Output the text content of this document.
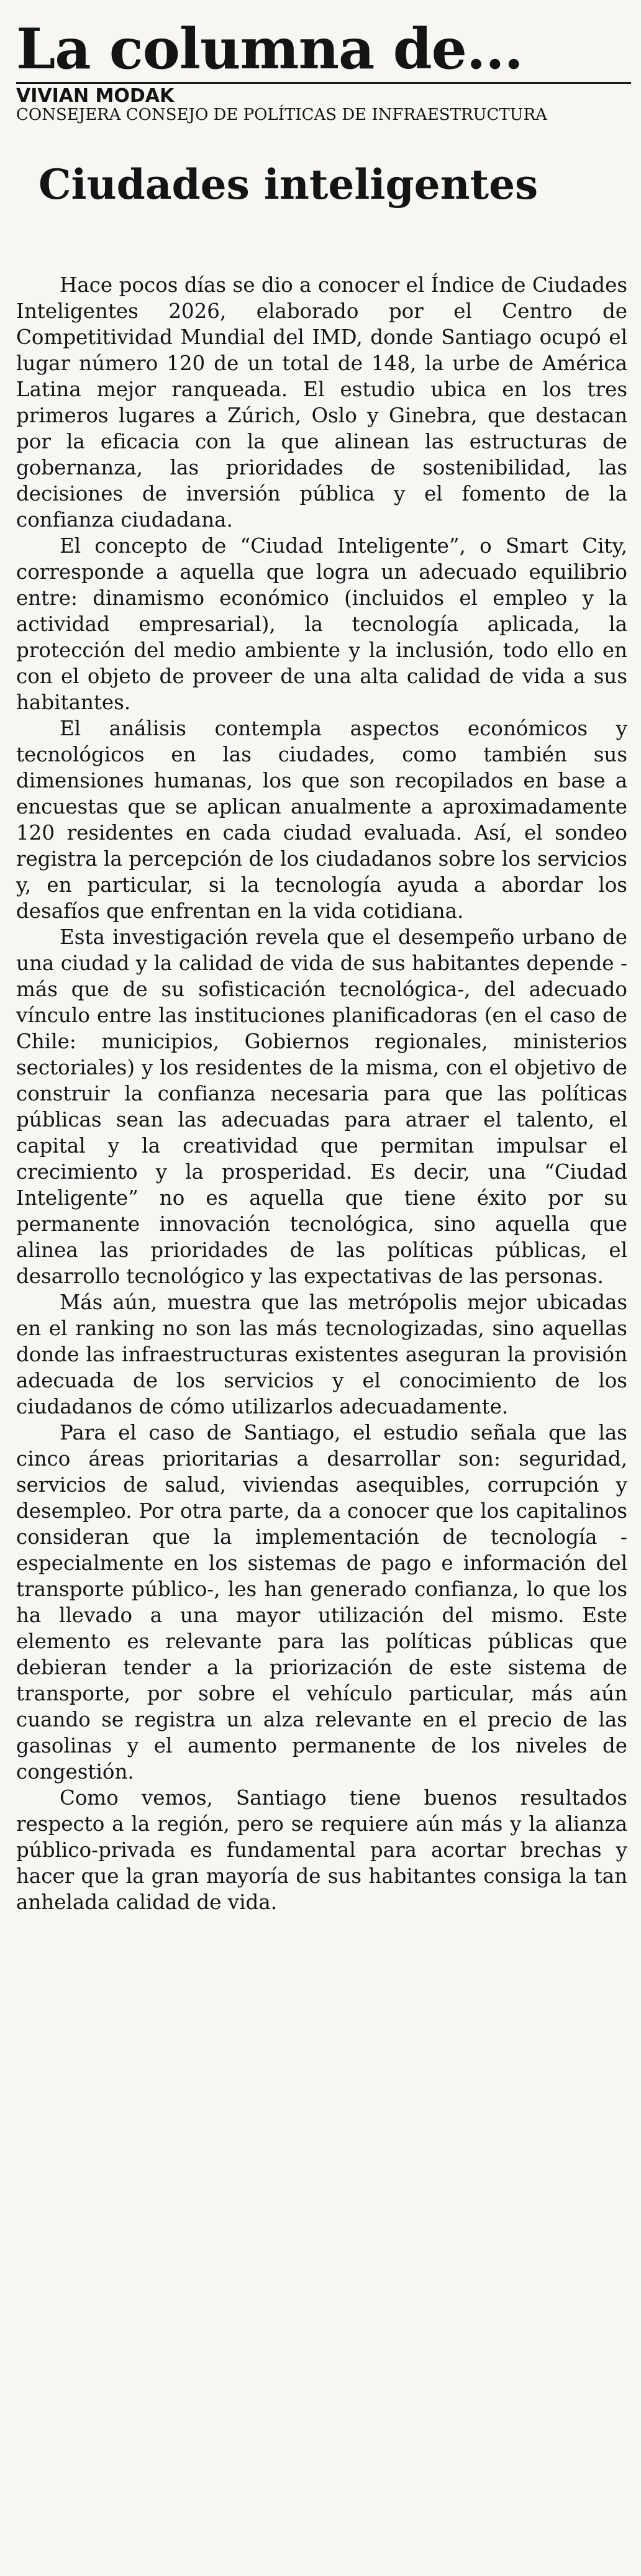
La columna de...
VIVIAN MODAK
CONSEJERA CONSEJO DE POLÍTICAS DE INFRAESTRUCTURA
Ciudades inteligentes

Hace pocos días se dio a conocer el Índice de Ciudades Inteligentes 2026, elaborado por el Centro de Competitividad Mundial del IMD, donde Santiago ocupó el lugar número 120 de un total de 148, la urbe de América Latina mejor ranqueada. El estudio ubica en los tres primeros lugares a Zúrich, Oslo y Ginebra, que destacan por la eficacia con la que alinean las estructuras de gobernanza, las prioridades de sostenibilidad, las decisiones de inversión pública y el fomento de la confianza ciudadana.

El concepto de “Ciudad Inteligente”, o Smart City, corresponde a aquella que logra un adecuado equilibrio entre: dinamismo económico (incluidos el empleo y la actividad empresarial), la tecnología aplicada, la protección del medio ambiente y la inclusión, todo ello en con el objeto de proveer de una alta calidad de vida a sus habitantes.

El análisis contempla aspectos económicos y tecnológicos en las ciudades, como también sus dimensiones humanas, los que son recopilados en base a encuestas que se aplican anualmente a aproximadamente 120 residentes en cada ciudad evaluada. Así, el sondeo registra la percepción de los ciudadanos sobre los servicios y, en particular, si la tecnología ayuda a abordar los desafíos que enfrentan en la vida cotidiana.

Esta investigación revela que el desempeño urbano de una ciudad y la calidad de vida de sus habitantes depende -más que de su sofisticación tecnológica-, del adecuado vínculo entre las instituciones planificadoras (en el caso de Chile: municipios, Gobiernos regionales, ministerios sectoriales) y los residentes de la misma, con el objetivo de construir la confianza necesaria para que las políticas públicas sean las adecuadas para atraer el talento, el capital y la creatividad que permitan impulsar el crecimiento y la prosperidad. Es decir, una “Ciudad Inteligente” no es aquella que tiene éxito por su permanente innovación tecnológica, sino aquella que alinea las prioridades de las políticas públicas, el desarrollo tecnológico y las expectativas de las personas.

Más aún, muestra que las metrópolis mejor ubicadas en el ranking no son las más tecnologizadas, sino aquellas donde las infraestructuras existentes aseguran la provisión adecuada de los servicios y el conocimiento de los ciudadanos de cómo utilizarlos adecuadamente.

Para el caso de Santiago, el estudio señala que las cinco áreas prioritarias a desarrollar son: seguridad, servicios de salud, viviendas asequibles, corrupción y desempleo. Por otra parte, da a conocer que los capitalinos consideran que la implementación de tecnología - especialmente en los sistemas de pago e información del transporte público-, les han generado confianza, lo que los ha llevado a una mayor utilización del mismo. Este elemento es relevante para las políticas públicas que debieran tender a la priorización de este sistema de transporte, por sobre el vehículo particular, más aún cuando se registra un alza relevante en el precio de las gasolinas y el aumento permanente de los niveles de congestión.

Como vemos, Santiago tiene buenos resultados respecto a la región, pero se requiere aún más y la alianza público-privada es fundamental para acortar brechas y hacer que la gran mayoría de sus habitantes consiga la tan anhelada calidad de vida.
